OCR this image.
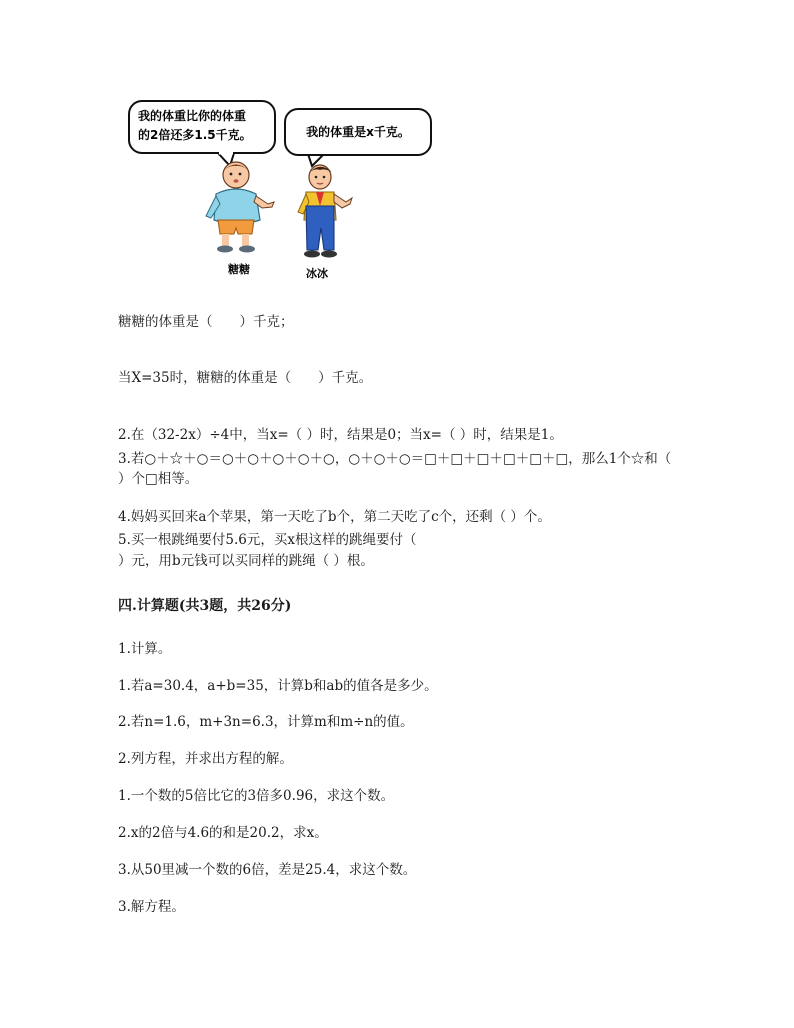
我的体重比你的体重
的2倍还多1.5千克。	我的体重是x千克。
糖糖	冰冰
糖糖的体重是（　　）千克；
当X=35时，糖糖的体重是（　　）千克。
2.在（32-2x）÷4中，当x=（ ）时，结果是0；当x=（ ）时，结果是1。
3.若○＋☆＋○＝○＋○＋○＋○＋○，○＋○＋○＝□＋□＋□＋□＋□＋□，那么1个☆和（
）个□相等。
4.妈妈买回来a个苹果，第一天吃了b个，第二天吃了c个，还剩（ ）个。
5.买一根跳绳要付5.6元，买x根这样的跳绳要付（
）元，用b元钱可以买同样的跳绳（ ）根。
四.计算题(共3题，共26分)
1.计算。
1.若a=30.4，a+b=35，计算b和ab的值各是多少。
2.若n=1.6，m+3n=6.3，计算m和m÷n的值。
2.列方程，并求出方程的解。
1.一个数的5倍比它的3倍多0.96，求这个数。
2.x的2倍与4.6的和是20.2，求x。
3.从50里减一个数的6倍，差是25.4，求这个数。
3.解方程。
